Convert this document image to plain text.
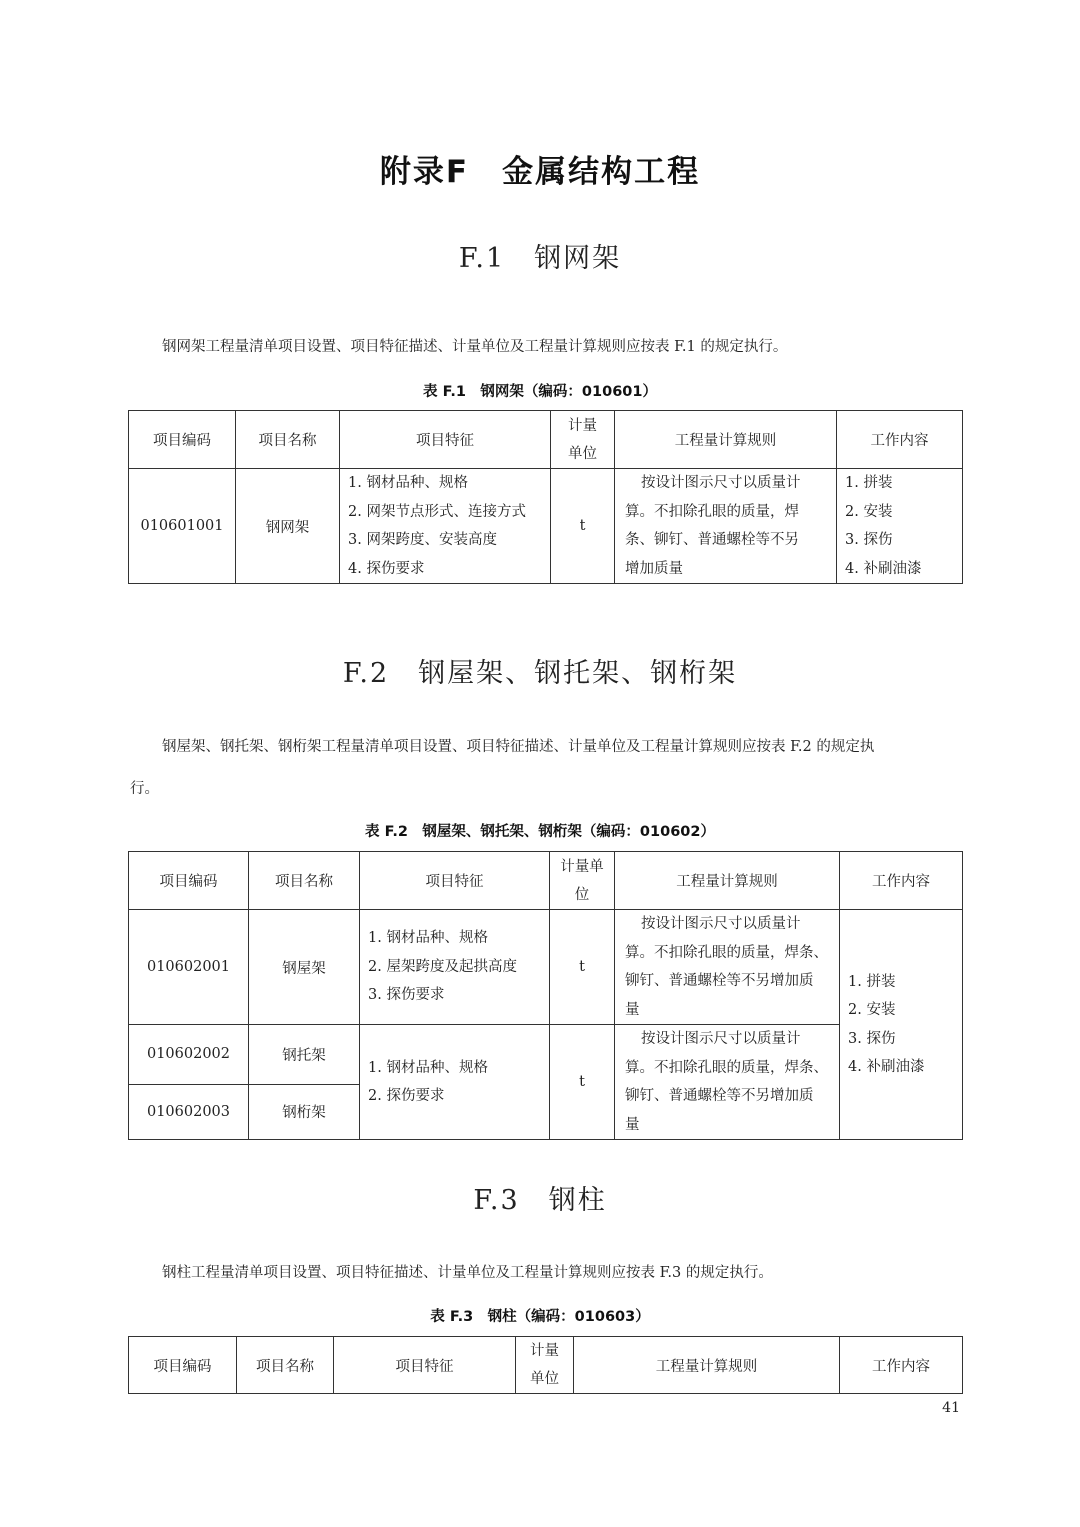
附录F　金属结构工程
F.1　钢网架
钢网架工程量清单项目设置、项目特征描述、计量单位及工程量计算规则应按表 F.1 的规定执行。
表 F.1　钢网架（编码：010601）
项目编码	项目名称	项目特征	计量单位	工程量计算规则	工作内容
010601001	钢网架	1. 钢材品种、规格
2. 网架节点形式、连接方式
3. 网架跨度、安装高度
4. 探伤要求	t	按设计图示尺寸以质量计
算。不扣除孔眼的质量，焊
条、铆钉、普通螺栓等不另
增加质量	1. 拼装
2. 安装
3. 探伤
4. 补刷油漆
F.2　钢屋架、钢托架、钢桁架
钢屋架、钢托架、钢桁架工程量清单项目设置、项目特征描述、计量单位及工程量计算规则应按表 F.2 的规定执
行。
表 F.2　钢屋架、钢托架、钢桁架（编码：010602）
项目编码	项目名称	项目特征	计量单位	工程量计算规则	工作内容
010602001	钢屋架	1. 钢材品种、规格
2. 屋架跨度及起拱高度
3. 探伤要求	t	按设计图示尺寸以质量计
算。不扣除孔眼的质量，焊条、
铆钉、普通螺栓等不另增加质
量	1. 拼装
2. 安装
3. 探伤
4. 补刷油漆

010602002	钢托架	1. 钢材品种、规格
2. 探伤要求	t	按设计图示尺寸以质量计
算。不扣除孔眼的质量，焊条、
铆钉、普通螺栓等不另增加质
量	

010602003	钢桁架				
F.3　钢柱
钢柱工程量清单项目设置、项目特征描述、计量单位及工程量计算规则应按表 F.3 的规定执行。
表 F.3　钢柱（编码：010603）
项目编码	项目名称	项目特征	计量单位	工程量计算规则	工作内容
41
